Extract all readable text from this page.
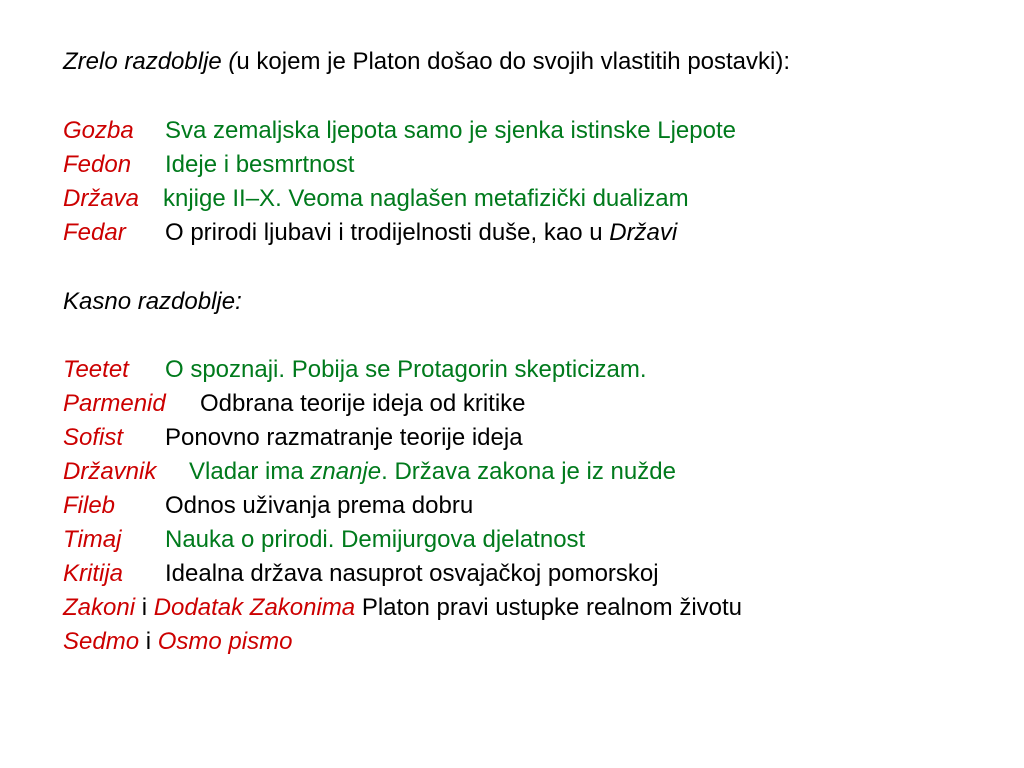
Zrelo razdoblje (u kojem je Platon došao do svojih vlastitih postavki):
Gozba Sva zemaljska ljepota samo je sjenka istinske Ljepote
Fedon Ideje i besmrtnost
Država knjige II–X. Veoma naglašen metafizički dualizam
Fedar O prirodi ljubavi i trodijelnosti duše, kao u Državi
Kasno razdoblje:
Teetet O spoznaji. Pobija se Protagorin skepticizam.
Parmenid Odbrana teorije ideja od kritike
Sofist Ponovno razmatranje teorije ideja
Državnik Vladar ima znanje. Država zakona je iz nužde
Fileb Odnos uživanja prema dobru
Timaj Nauka o prirodi. Demijurgova djelatnost
Kritija Idealna država nasuprot osvajačkoj pomorskoj
Zakoni i Dodatak Zakonima Platon pravi ustupke realnom životu
Sedmo i Osmo pismo
